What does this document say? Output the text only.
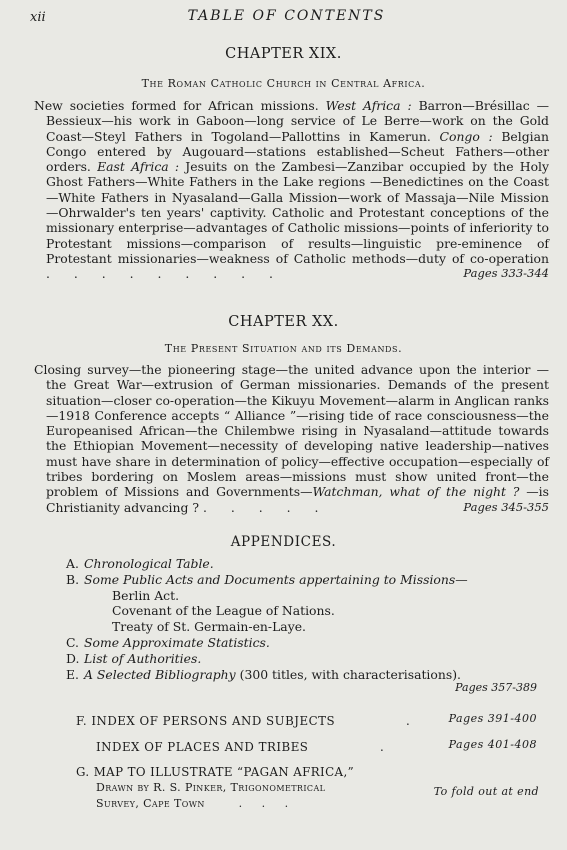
xii	TABLE OF CONTENTS
CHAPTER XIX.
The Roman Catholic Church in Central Africa.
New societies formed for African missions. West Africa : Barron—Brésillac —Bessieux—his work in Gaboon—long service of Le Berre—work on the Gold Coast—Steyl Fathers in Togoland—Pallottins in Kamerun. Congo : Belgian Congo entered by Augouard—stations established—Scheut Fathers—other orders. East Africa : Jesuits on the Zambesi—Zanzibar occupied by the Holy Ghost Fathers—White Fathers in the Lake regions —Benedictines on the Coast—White Fathers in Nyasaland—Galla Mission—work of Massaja—Nile Mission—Ohrwalder's ten years' captivity. Catholic and Protestant conceptions of the missionary enterprise—advantages of Catholic missions—points of inferiority to Protestant missions—comparison of results—linguistic pre-eminence of Protestant missionaries—weakness of Catholic methods—duty of co-operation . . . . . . . . .	Pages 333-344
CHAPTER XX.
The Present Situation and its Demands.
Closing survey—the pioneering stage—the united advance upon the interior —the Great War—extrusion of German missionaries. Demands of the present situation—closer co-operation—the Kikuyu Movement—alarm in Anglican ranks—1918 Conference accepts “ Alliance ”—rising tide of race consciousness—the Europeanised African—the Chilembwe rising in Nyasaland—attitude towards the Ethiopian Movement—necessity of developing native leadership—natives must have share in determination of policy—effective occupation—especially of tribes bordering on Moslem areas—missions must show united front—the problem of Missions and Governments—Watchman, what of the night ? —is Christianity advancing ? . . . . .	Pages 345-355
APPENDICES.
A. Chronological Table.
B. Some Public Acts and Documents appertaining to Missions—
Berlin Act.
Covenant of the League of Nations.
Treaty of St. Germain-en-Laye.
C. Some Approximate Statistics.
D. List of Authorities.
E. A Selected Bibliography (300 titles, with characterisations).
Pages 357-389
F. INDEX OF PERSONS AND SUBJECTS	.	Pages 391-400
INDEX OF PLACES AND TRIBES	.	Pages 401-408
G. MAP TO ILLUSTRATE “PAGAN AFRICA,”
Drawn by R. S. Pinker, Trigonometrical
Survey, Cape Town	. . .
To fold out at end
